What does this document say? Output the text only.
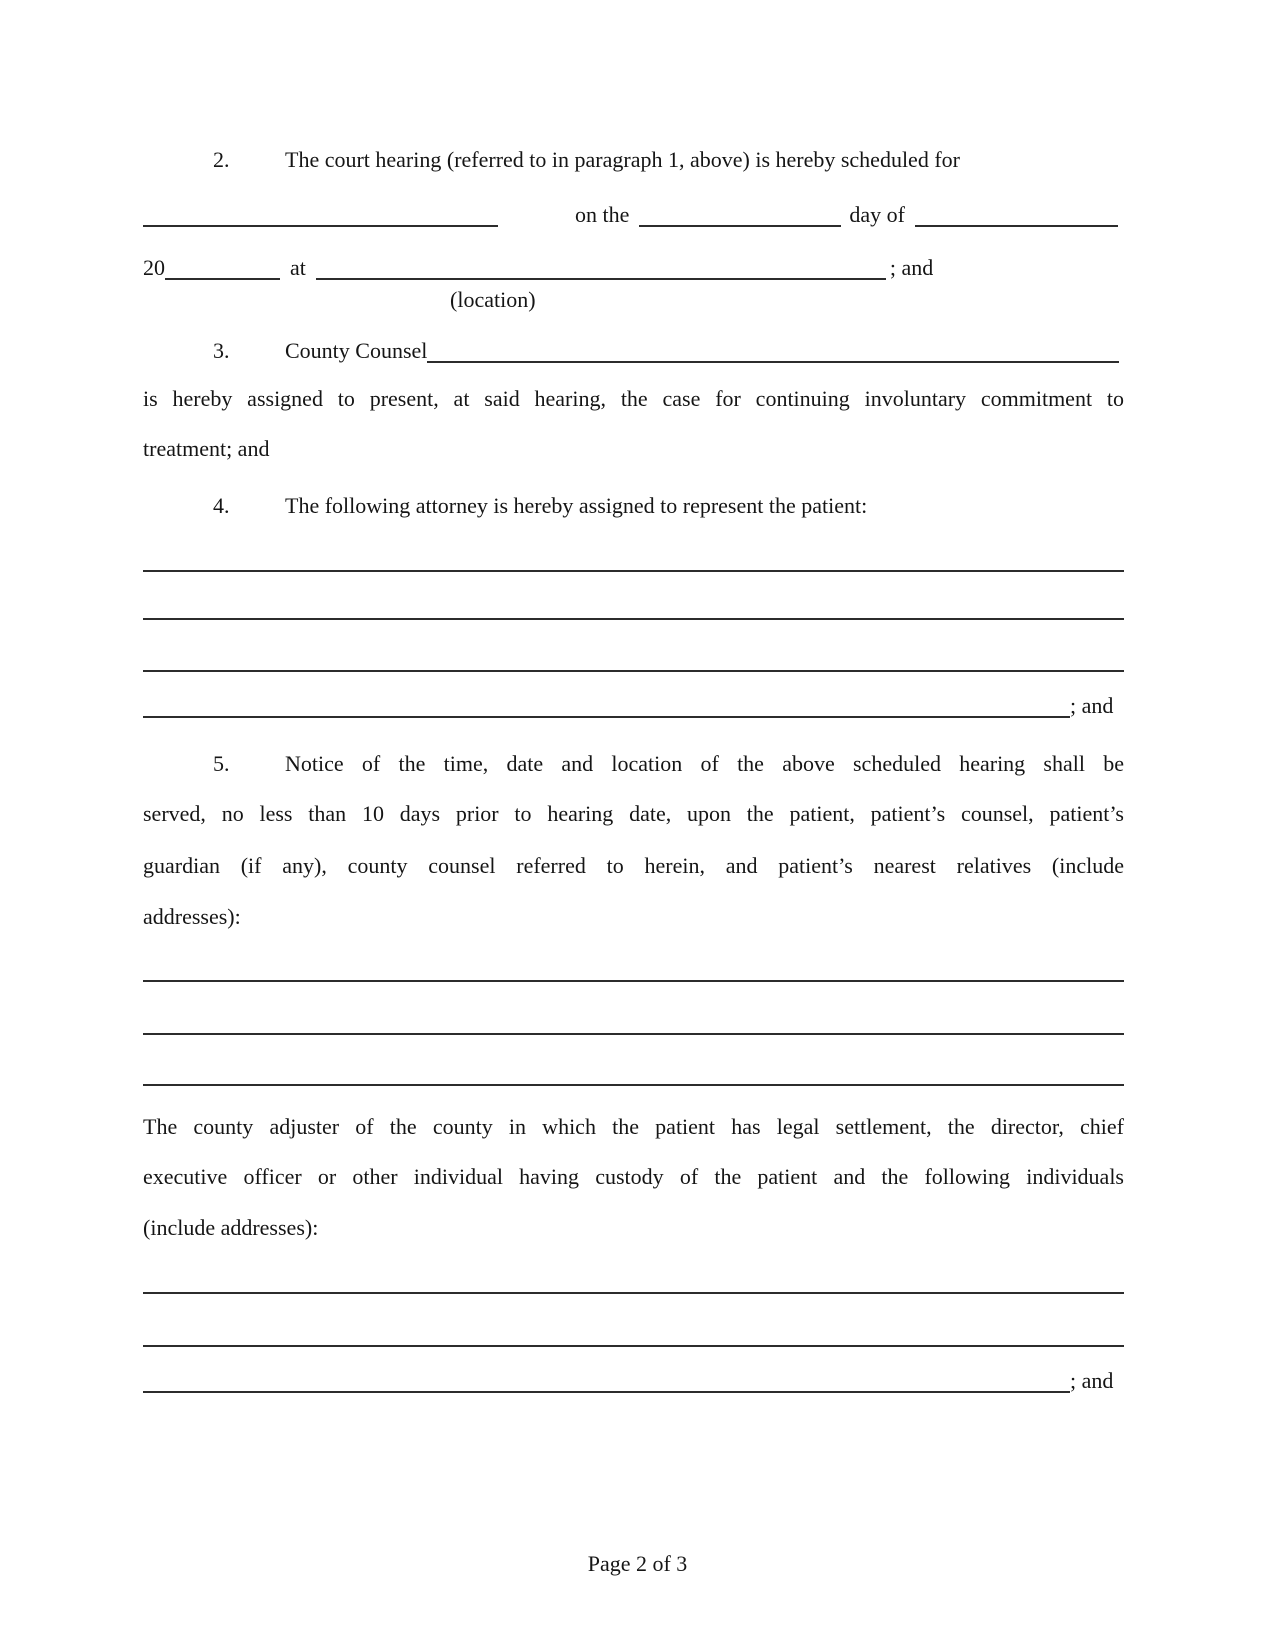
2.	The court hearing (referred to in paragraph 1, above) is hereby scheduled for
on the	day of
20	at	; and
(location)
3.	County Counsel
is hereby assigned to present, at said hearing, the case for continuing involuntary commitment to
treatment; and
4.	The following attorney is hereby assigned to represent the patient:
; and
5.	Notice of the time, date and location of the above scheduled hearing shall be
served, no less than 10 days prior to hearing date, upon the patient, patient’s counsel, patient’s
guardian (if any), county counsel referred to herein, and patient’s nearest relatives (include
addresses):
The county adjuster of the county in which the patient has legal settlement, the director, chief
executive officer or other individual having custody of the patient and the following individuals
(include addresses):
; and
Page 2 of 3
